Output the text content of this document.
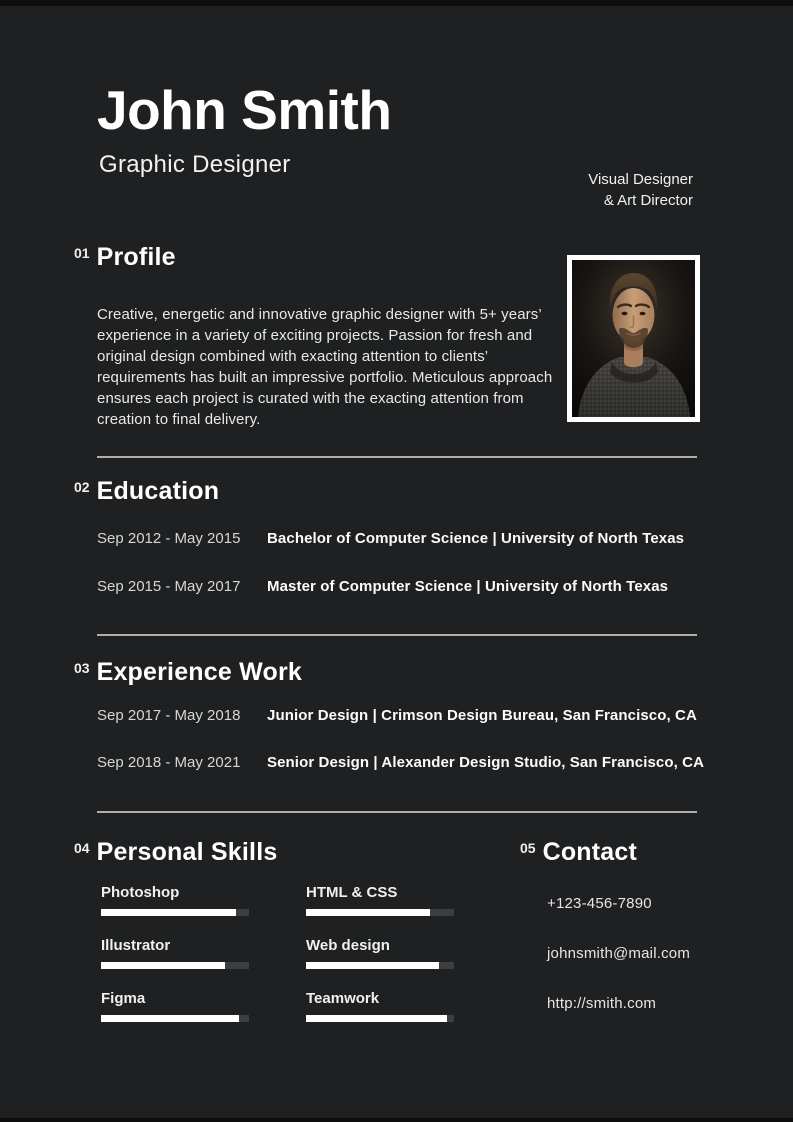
John Smith
Graphic Designer
Visual Designer
& Art Director
01 Profile

Creative, energetic and innovative graphic designer with 5+ years’ experience in a variety of exciting projects. Passion for fresh and original design combined with exacting attention to clients’ requirements has built an impressive portfolio. Meticulous approach ensures each project is curated with the exacting attention from creation to final delivery.

02 Education
Sep 2012 - May 2015	Bachelor of Computer Science | University of North Texas
Sep 2015 - May 2017	Master of Computer Science | University of North Texas
03 Experience Work
Sep 2017 - May 2018	Junior Design | Crimson Design Bureau, San Francisco, CA
Sep 2018 - May 2021	Senior Design | Alexander Design Studio, San Francisco, CA
04 Personal Skills	05 Contact
Photoshop
Illustrator
Figma
HTML & CSS
Web design
Teamwork
+123-456-7890
johnsmith@mail.com
http://smith.com
